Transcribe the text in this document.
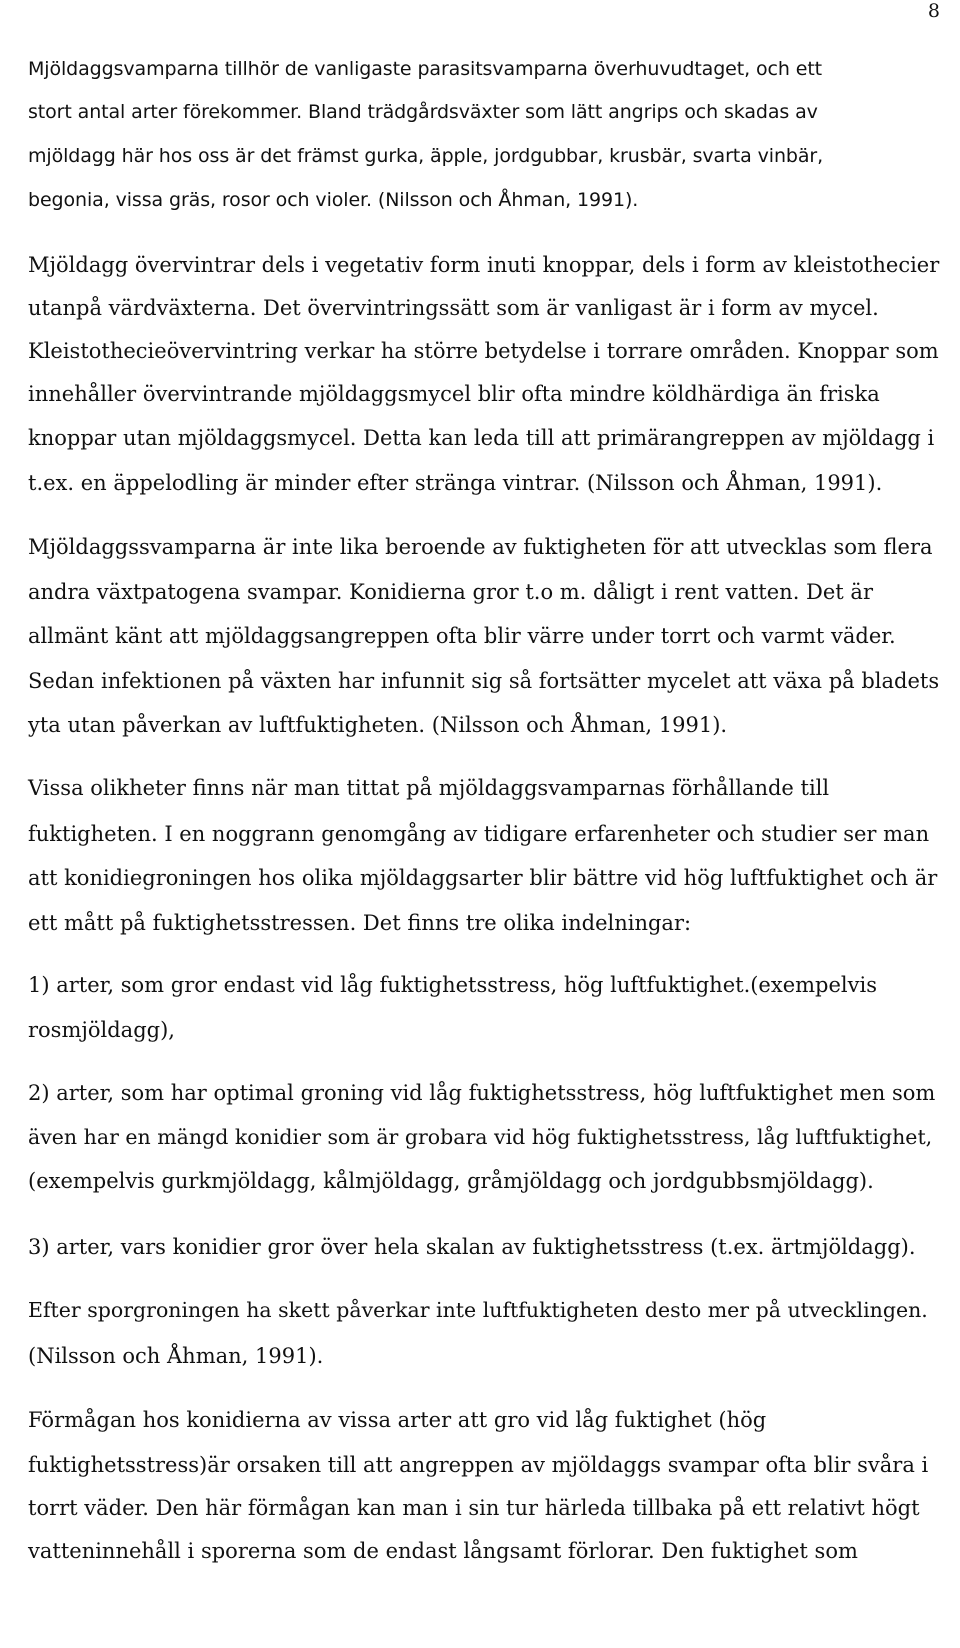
8
Mjöldaggsvamparna tillhör de vanligaste parasitsvamparna överhuvudtaget, och ett
stort antal arter förekommer. Bland trädgårdsväxter som lätt angrips och skadas av
mjöldagg här hos oss är det främst gurka, äpple, jordgubbar, krusbär, svarta vinbär,
begonia, vissa gräs, rosor och violer. (Nilsson och Åhman, 1991).
Mjöldagg övervintrar dels i vegetativ form inuti knoppar, dels i form av kleistothecier
utanpå värdväxterna. Det övervintringssätt som är vanligast är i form av mycel.
Kleistothecieövervintring verkar ha större betydelse i torrare områden. Knoppar som
innehåller övervintrande mjöldaggsmycel blir ofta mindre köldhärdiga än friska
knoppar utan mjöldaggsmycel. Detta kan leda till att primärangreppen av mjöldagg i
t.ex. en äppelodling är minder efter stränga vintrar. (Nilsson och Åhman, 1991).
Mjöldaggssvamparna är inte lika beroende av fuktigheten för att utvecklas som flera
andra växtpatogena svampar. Konidierna gror t.o m. dåligt i rent vatten. Det är
allmänt känt att mjöldaggsangreppen ofta blir värre under torrt och varmt väder.
Sedan infektionen på växten har infunnit sig så fortsätter mycelet att växa på bladets
yta utan påverkan av luftfuktigheten. (Nilsson och Åhman, 1991).
Vissa olikheter finns när man tittat på mjöldaggsvamparnas förhållande till
fuktigheten. I en noggrann genomgång av tidigare erfarenheter och studier ser man
att konidiegroningen hos olika mjöldaggsarter blir bättre vid hög luftfuktighet och är
ett mått på fuktighetsstressen. Det finns tre olika indelningar:
1) arter, som gror endast vid låg fuktighetsstress, hög luftfuktighet.(exempelvis
rosmjöldagg),
2) arter, som har optimal groning vid låg fuktighetsstress, hög luftfuktighet men som
även har en mängd konidier som är grobara vid hög fuktighetsstress, låg luftfuktighet,
(exempelvis gurkmjöldagg, kålmjöldagg, gråmjöldagg och jordgubbsmjöldagg).
3) arter, vars konidier gror över hela skalan av fuktighetsstress (t.ex. ärtmjöldagg).
Efter sporgroningen ha skett påverkar inte luftfuktigheten desto mer på utvecklingen.
(Nilsson och Åhman, 1991).
Förmågan hos konidierna av vissa arter att gro vid låg fuktighet (hög
fuktighetsstress)är orsaken till att angreppen av mjöldaggs svampar ofta blir svåra i
torrt väder. Den här förmågan kan man i sin tur härleda tillbaka på ett relativt högt
vatteninnehåll i sporerna som de endast långsamt förlorar. Den fuktighet som
